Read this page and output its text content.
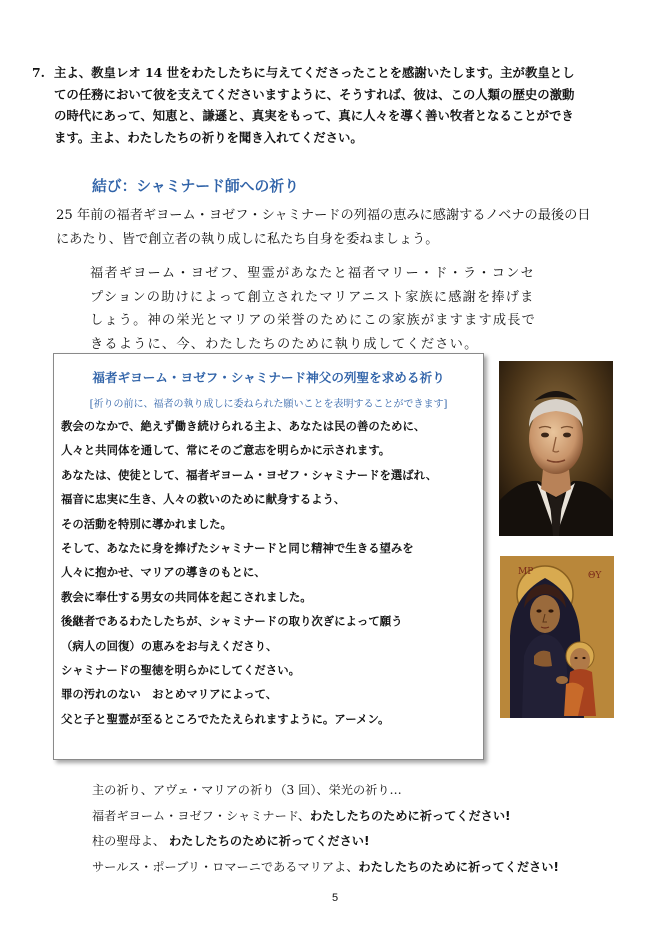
7. 主よ、教皇レオ 14 世をわたしたちに与えてくださったことを感謝いたします。主が教皇とし
ての任務において彼を支えてくださいますように、そうすれば、彼は、この人類の歴史の激動
の時代にあって、知恵と、謙遜と、真実をもって、真に人々を導く善い牧者となることができ
ます。主よ、わたしたちの祈りを聞き入れてください。
結び：シャミナード師への祈り
25 年前の福者ギヨーム・ヨゼフ・シャミナードの列福の恵みに感謝するノベナの最後の日
にあたり、皆で創立者の執り成しに私たち自身を委ねましょう。
福者ギヨーム・ヨゼフ、聖霊があなたと福者マリー・ド・ラ・コンセ
プションの助けによって創立されたマリアニスト家族に感謝を捧げま
しょう。神の栄光とマリアの栄誉のためにこの家族がますます成長で
きるように、今、わたしたちのために執り成してください。
福者ギヨーム・ヨゼフ・シャミナード神父の列聖を求める祈り
[祈りの前に、福者の執り成しに委ねられた願いことを表明することができます]
教会のなかで、絶えず働き続けられる主よ、あなたは民の善のために、
人々と共同体を通して、常にそのご意志を明らかに示されます。
あなたは、使徒として、福者ギヨーム・ヨゼフ・シャミナードを選ばれ、
福音に忠実に生き、人々の救いのために献身するよう、
その活動を特別に導かれました。
そして、あなたに身を捧げたシャミナードと同じ精神で生きる望みを
人々に抱かせ、マリアの導きのもとに、
教会に奉仕する男女の共同体を起こされました。
後継者であるわたしたちが、シャミナードの取り次ぎによって願う
（病人の回復）の恵みをお与えくださり、
シャミナードの聖徳を明らかにしてください。
罪の汚れのない　おとめマリアによって、
父と子と聖霊が至るところでたたえられますように。アーメン。
MP	ΘY
主の祈り、アヴェ・マリアの祈り（3 回）、栄光の祈り…
福者ギヨーム・ヨゼフ・シャミナード、わたしたちのために祈ってください!
柱の聖母よ、 わたしたちのために祈ってください!
サールス・ポーブリ・ロマーニであるマリアよ、わたしたちのために祈ってください!
5
